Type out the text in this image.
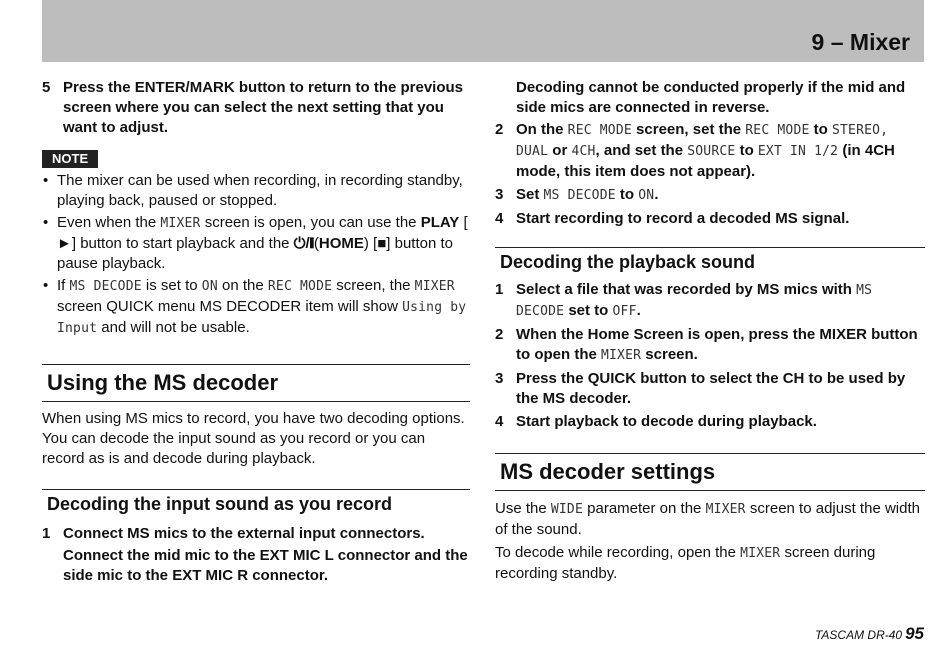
9 – Mixer
5 Press the ENTER/MARK button to return to the previous screen where you can select the next setting that you want to adjust.
NOTE
• The mixer can be used when recording, in recording standby, playing back, paused or stopped.
• Even when the MIXER screen is open, you can use the PLAY [►] button to start playback and the ⏻/❙(HOME) [■] button to pause playback.
• If MS DECODE is set to ON on the REC MODE screen, the MIXER screen QUICK menu MS DECODER item will show Using by Input and will not be usable.
Using the MS decoder

When using MS mics to record, you have two decoding options. You can decode the input sound as you record or you can record as is and decode during playback.

Decoding the input sound as you record
1 Connect MS mics to the external input connectors.
Connect the mid mic to the EXT MIC L connector and the side mic to the EXT MIC R connector.
Decoding cannot be conducted properly if the mid and side mics are connected in reverse.
2 On the REC MODE screen, set the REC MODE to STEREO, DUAL or 4CH, and set the SOURCE to EXT IN 1/2 (in 4CH mode, this item does not appear).
3 Set MS DECODE to ON.
4 Start recording to record a decoded MS signal.
Decoding the playback sound
1 Select a file that was recorded by MS mics with MS DECODE set to OFF.
2 When the Home Screen is open, press the MIXER button to open the MIXER screen.
3 Press the QUICK button to select the CH to be used by the MS decoder.
4 Start playback to decode during playback.
MS decoder settings

Use the WIDE parameter on the MIXER screen to adjust the width of the sound.

To decode while recording, open the MIXER screen during recording standby.

TASCAM DR-40 95
